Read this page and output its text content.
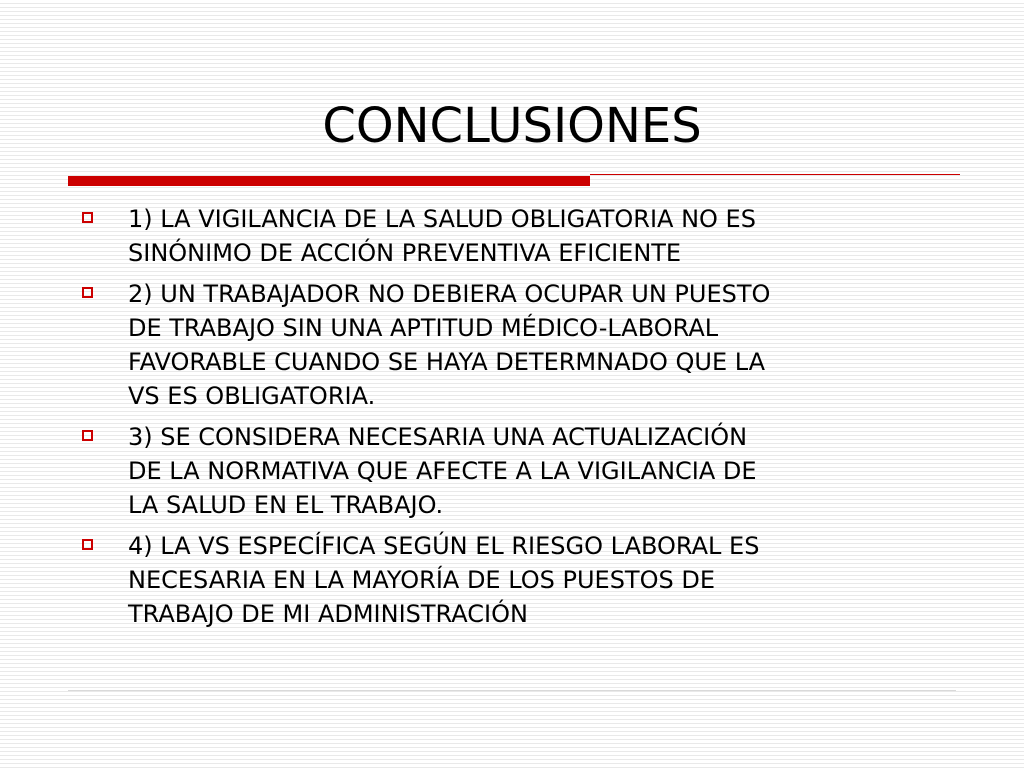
CONCLUSIONES
1) LA VIGILANCIA DE LA SALUD OBLIGATORIA NO ES
SINÓNIMO DE ACCIÓN PREVENTIVA EFICIENTE
2) UN TRABAJADOR NO DEBIERA OCUPAR UN PUESTO
DE TRABAJO SIN UNA APTITUD MÉDICO-LABORAL
FAVORABLE CUANDO SE HAYA DETERMNADO QUE LA
VS ES OBLIGATORIA.
3) SE CONSIDERA NECESARIA UNA ACTUALIZACIÓN
DE LA NORMATIVA QUE AFECTE A LA VIGILANCIA DE
LA SALUD EN EL TRABAJO.
4) LA VS ESPECÍFICA SEGÚN EL RIESGO LABORAL ES
NECESARIA EN LA MAYORÍA DE LOS PUESTOS DE
TRABAJO DE MI ADMINISTRACIÓN
